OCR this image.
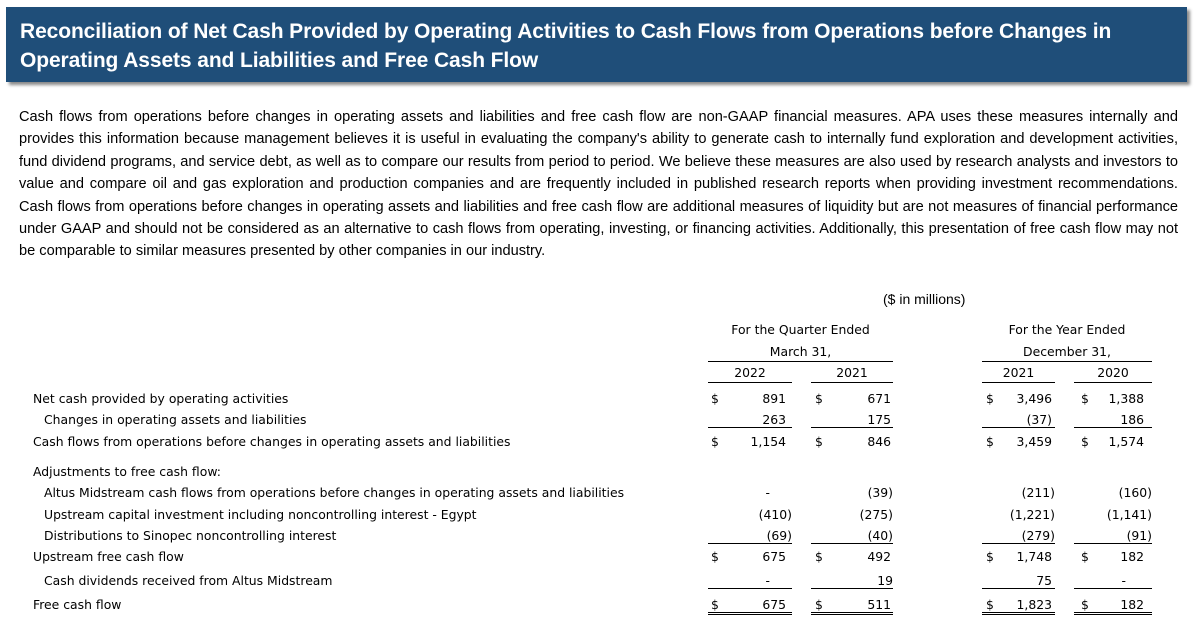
Reconciliation of Net Cash Provided by Operating Activities to Cash Flows from Operations before Changes in Operating Assets and Liabilities and Free Cash Flow

Cash flows from operations before changes in operating assets and liabilities and free cash flow are non-GAAP financial measures. APA uses these measures internally and provides this information because management believes it is useful in evaluating the company's ability to generate cash to internally fund exploration and development activities, fund dividend programs, and service debt, as well as to compare our results from period to period. We believe these measures are also used by research analysts and investors to value and compare oil and gas exploration and production companies and are frequently included in published research reports when providing investment recommendations. Cash flows from operations before changes in operating assets and liabilities and free cash flow are additional measures of liquidity but are not measures of financial performance under GAAP and should not be considered as an alternative to cash flows from operating, investing, or financing activities. Additionally, this presentation of free cash flow may not be comparable to similar measures presented by other companies in our industry.

($ in millions)
For the Quarter Ended
March 31,
For the Year Ended
December 31,
2022	2021	2021	2020
Net cash provided by operating activities	$	891 $	671	$	3,496 $	1,388
Changes in operating assets and liabilities	263	175	(37)	186
Cash flows from operations before changes in operating assets and liabilities	$	1,154 $	846	$	3,459 $	1,574
Adjustments to free cash flow:
Altus Midstream cash flows from operations before changes in operating assets and liabilities	-	(39)	(211)	(160)
Upstream capital investment including noncontrolling interest - Egypt	(410)	(275)	(1,221)	(1,141)
Distributions to Sinopec noncontrolling interest	(69)	(40)	(279)	(91)
Upstream free cash flow	$	675 $	492	$	1,748 $	182
Cash dividends received from Altus Midstream	-	19	75	-
Free cash flow	$	675 $	511	$ 1,823 $	182
